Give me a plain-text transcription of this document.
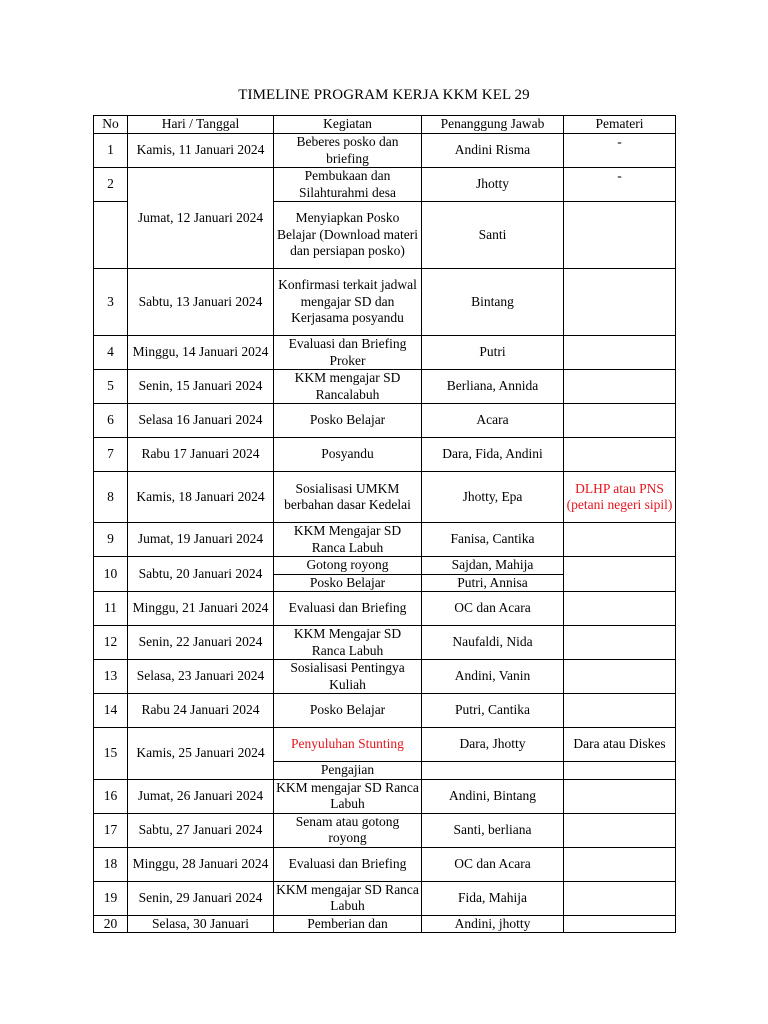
TIMELINE PROGRAM KERJA KKM KEL 29
No	Hari / Tanggal	Kegiatan	Penanggung Jawab	Pemateri
1	Kamis, 11 Januari 2024	Beberes posko dan briefing	Andini Risma	-
2	Jumat, 12 Januari 2024	Pembukaan dan Silahturahmi desa	Jhotty	-
		Menyiapkan Posko Belajar (Download materi dan persiapan posko)	Santi	
3	Sabtu, 13 Januari 2024	Konfirmasi terkait jadwal mengajar SD dan Kerjasama posyandu	Bintang	
4	Minggu, 14 Januari 2024	Evaluasi dan Briefing Proker	Putri	
5	Senin, 15 Januari 2024	KKM mengajar SD Rancalabuh	Berliana, Annida	
6	Selasa 16 Januari 2024	Posko Belajar	Acara	
7	Rabu 17 Januari 2024	Posyandu	Dara, Fida, Andini	
8	Kamis, 18 Januari 2024	Sosialisasi UMKM berbahan dasar Kedelai	Jhotty, Epa	DLHP atau PNS (petani negeri sipil)
9	Jumat, 19 Januari 2024	KKM Mengajar SD Ranca Labuh	Fanisa, Cantika	
10	Sabtu, 20 Januari 2024	Gotong royong	Sajdan, Mahija	
		Posko Belajar	Putri, Annisa	
11	Minggu, 21 Januari 2024	Evaluasi dan Briefing	OC dan Acara	
12	Senin, 22 Januari 2024	KKM Mengajar SD Ranca Labuh	Naufaldi, Nida	
13	Selasa, 23 Januari 2024	Sosialisasi Pentingya Kuliah	Andini, Vanin	
14	Rabu 24 Januari 2024	Posko Belajar	Putri, Cantika	
15	Kamis, 25 Januari 2024	Penyuluhan Stunting	Dara, Jhotty	Dara atau Diskes
		Pengajian		
16	Jumat, 26 Januari 2024	KKM mengajar SD Ranca Labuh	Andini, Bintang	
17	Sabtu, 27 Januari 2024	Senam atau gotong royong	Santi, berliana	
18	Minggu, 28 Januari 2024	Evaluasi dan Briefing	OC dan Acara	
19	Senin, 29 Januari 2024	KKM mengajar SD Ranca Labuh	Fida, Mahija	
20	Selasa, 30 Januari	Pemberian dan	Andini, jhotty	
